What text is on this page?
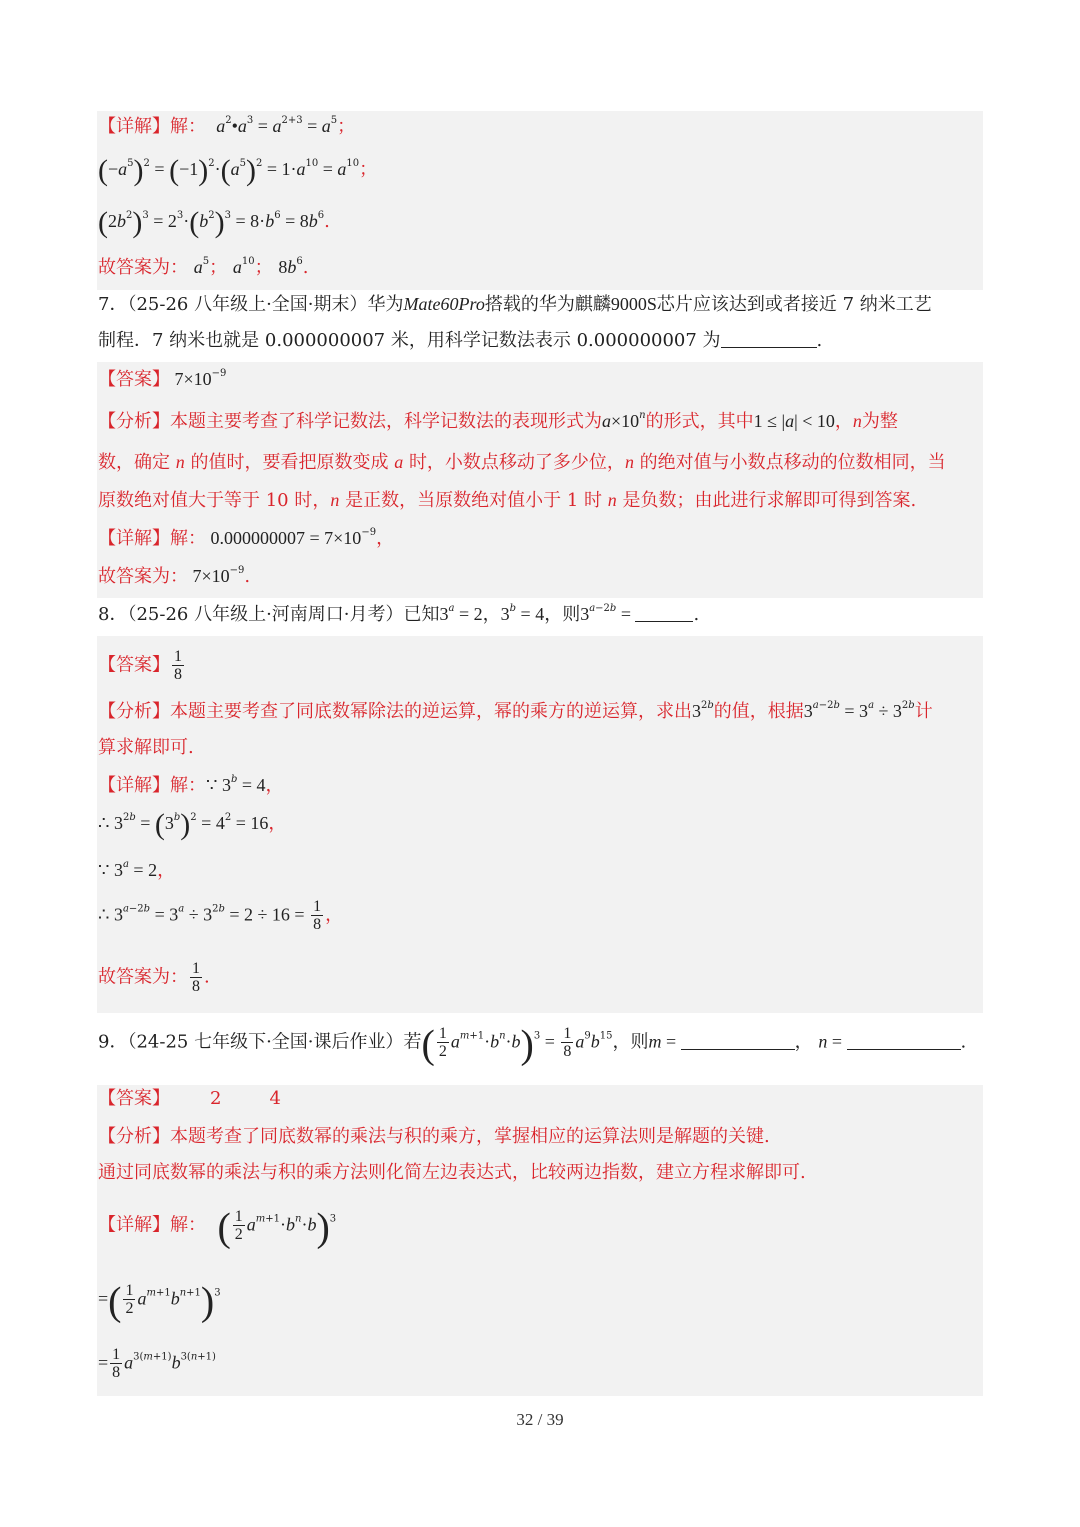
【详解】解：  $a^2•a^3 = a^{2+3} = a^5$；
$(-a^5)^2 = (-1)^2\cdot(a^5)^2 = 1\cdot a^{10} = a^{10}$；
$(2b^2)^3 = 2^3\cdot(b^2)^3 = 8\cdot b^6 = 8b^6$.
故答案为： $a^5$； $a^{10}$； $8b^6$.
7．（25-26 八年级上·全国·期末）华为Mate60Pro搭载的华为麒麟9000S芯片应该达到或者接近 7 纳米工艺
制程．7 纳米也就是 0.000000007 米，用科学记数法表示 0.000000007 为	.
【答案】 $7\times 10^{-9}$
【分析】本题主要考查了科学记数法，科学记数法的表现形式为$a\times 10^n$的形式，其中1 ≤ |a| < 10，n为整
数，确定 n 的值时，要看把原数变成 a 时，小数点移动了多少位，n 的绝对值与小数点移动的位数相同，当
原数绝对值大于等于 10 时，n 是正数，当原数绝对值小于 1 时 n 是负数；由此进行求解即可得到答案.
【详解】解： $0.000000007 = 7\times 10^{-9}$，
故答案为： $7\times 10^{-9}$.
8．（25-26 八年级上·河南周口·月考）已知$3^a = 2$，$3^b = 4$，则$3^{a-2b}$ =	.
【答案】 $\frac{1}{8}$
【分析】本题主要考查了同底数幂除法的逆运算，幂的乘方的逆运算，求出$3^{2b}$的值，根据$3^{a-2b} = 3^a \div 3^{2b}$计
算求解即可.
【详解】解：∵ $3^b = 4$，
∴ $3^{2b} = (3^b)^2 = 4^2 = 16$，
∵ $3^a = 2$，
∴ $3^{a-2b} = 3^a \div 3^{2b} = 2 \div 16 = \frac{1}{8}$ ，
故答案为： $\frac{1}{8}$ .
9．（24-25 七年级下·全国·课后作业）若( $\frac{1}{2} a^{m+1}\cdot b^n\cdot b)^3 = \frac{1}{8} a^9b^{15}$，则m =	， n =	.
【答案】 2	4
【分析】本题考查了同底数幂的乘法与积的乘方，掌握相应的运算法则是解题的关键.
通过同底数幂的乘法与积的乘方法则化简左边表达式，比较两边指数，建立方程求解即可.
【详解】解： ( $\frac{1}{2} a^{m+1}\cdot b^n\cdot b)^3$
=( $\frac{1}{2} a^{m+1}b^{n+1})^3$
= $\frac{1}{8} a^{3(m+1)}b^{3(n+1)}$
32 / 39
